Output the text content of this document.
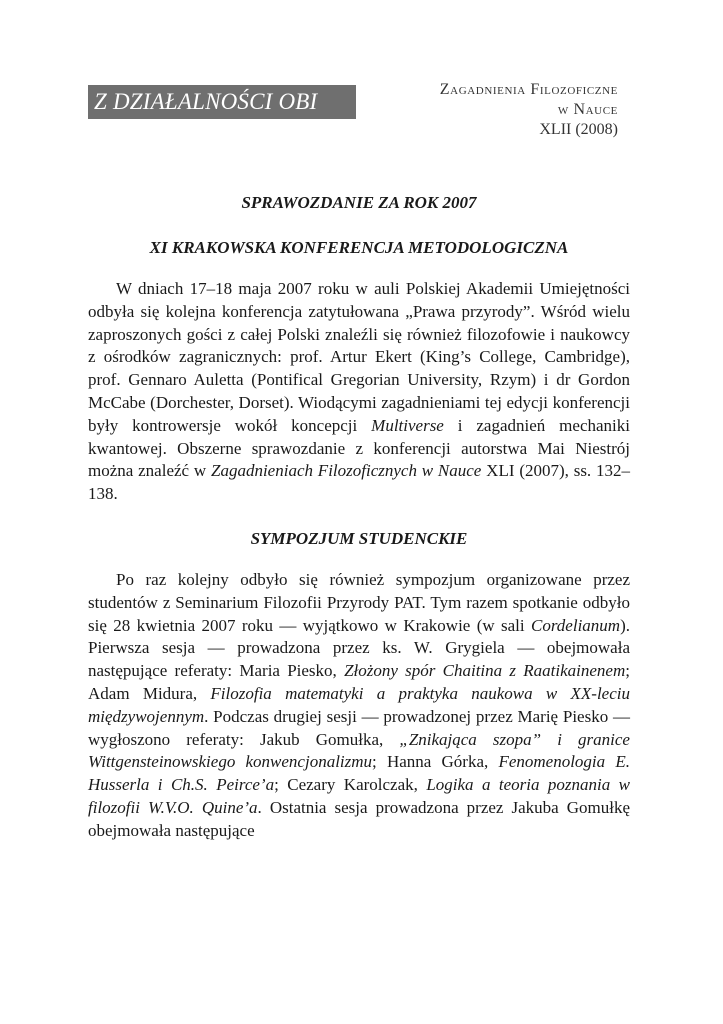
Z DZIAŁALNOŚCI OBI	Zagadnienia Filozoficzne
w Nauce
XLII (2008)
SPRAWOZDANIE ZA ROK 2007
XI KRAKOWSKA KONFERENCJA METODOLOGICZNA

W dniach 17–18 maja 2007 roku w auli Polskiej Akademii Umiejętności odbyła się kolejna konferencja zatytułowana „Prawa przyrody”. Wśród wielu zaproszonych gości z całej Polski znaleźli się również filozofowie i naukowcy z ośrodków zagranicznych: prof. Artur Ekert (King’s College, Cambridge), prof. Gennaro Auletta (Pontifical Gregorian University, Rzym) i dr Gordon McCabe (Dorchester, Dorset). Wiodącymi zagadnieniami tej edycji konferencji były kontrowersje wokół koncepcji Multiverse i zagadnień mechaniki kwantowej. Obszerne sprawozdanie z konferencji autorstwa Mai Niestrój można znaleźć w Zagadnieniach Filozoficznych w Nauce XLI (2007), ss. 132–138.

SYMPOZJUM STUDENCKIE

Po raz kolejny odbyło się również sympozjum organizowane przez studentów z Seminarium Filozofii Przyrody PAT. Tym razem spotkanie odbyło się 28 kwietnia 2007 roku — wyjątkowo w Krakowie (w sali Cordelianum). Pierwsza sesja — prowadzona przez ks. W. Grygiela — obejmowała następujące referaty: Maria Piesko, Złożony spór Chaitina z Raatikainenem; Adam Midura, Filozofia matematyki a praktyka naukowa w XX-leciu międzywojennym. Podczas drugiej sesji — prowadzonej przez Marię Piesko — wygłoszono referaty: Jakub Gomułka, „Znikająca szopa” i granice Wittgensteinowskiego konwencjonalizmu; Hanna Górka, Fenomenologia E. Husserla i Ch.S. Peirce’a; Cezary Karolczak, Logika a teoria poznania w filozofii W.V.O. Quine’a. Ostatnia sesja prowadzona przez Jakuba Gomułkę obejmowała następujące
